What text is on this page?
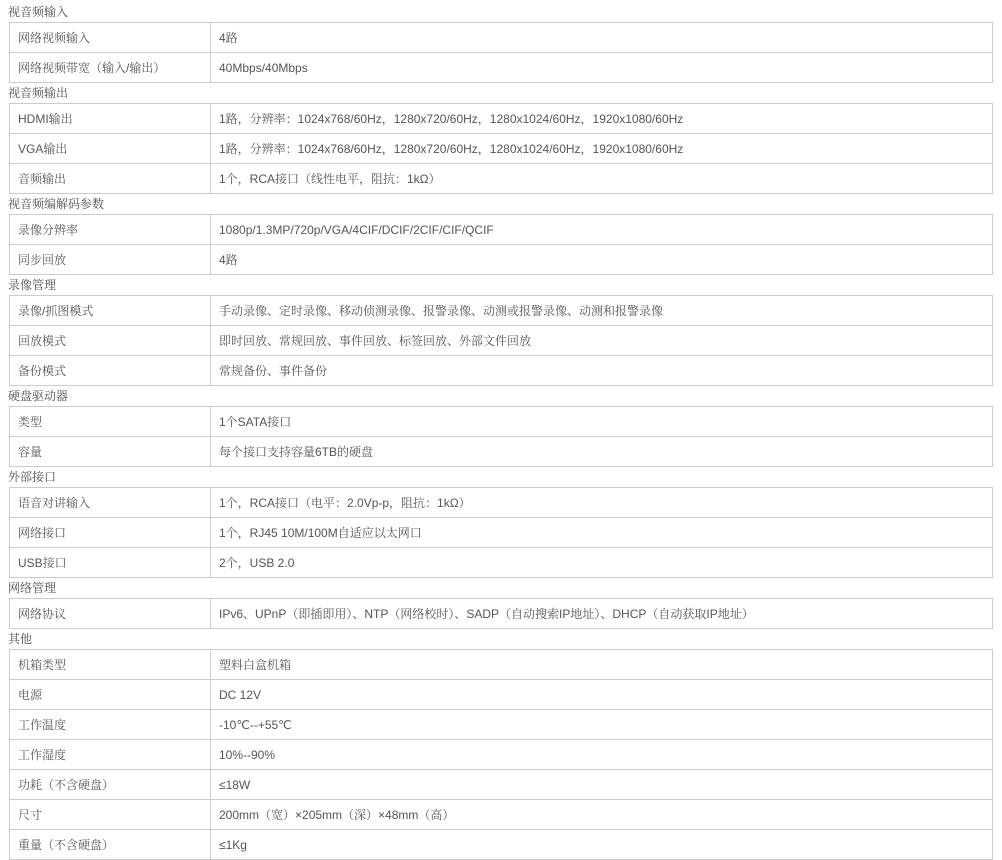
视音频输入
网络视频输入	4路
网络视频带宽（输入/输出）	40Mbps/40Mbps
视音频输出
HDMI输出	1路，分辨率：1024x768/60Hz，1280x720/60Hz，1280x1024/60Hz，1920x1080/60Hz
VGA输出	1路，分辨率：1024x768/60Hz，1280x720/60Hz，1280x1024/60Hz，1920x1080/60Hz
音频输出	1个，RCA接口（线性电平，阻抗：1kΩ）
视音频编解码参数
录像分辨率	1080p/1.3MP/720p/VGA/4CIF/DCIF/2CIF/CIF/QCIF
同步回放	4路
录像管理
录像/抓图模式	手动录像、定时录像、移动侦测录像、报警录像、动测或报警录像、动测和报警录像
回放模式	即时回放、常规回放、事件回放、标签回放、外部文件回放
备份模式	常规备份、事件备份
硬盘驱动器
类型	1个SATA接口
容量	每个接口支持容量6TB的硬盘
外部接口
语音对讲输入	1个，RCA接口（电平：2.0Vp-p，阻抗：1kΩ）
网络接口	1个，RJ45 10M/100M自适应以太网口
USB接口	2个，USB 2.0
网络管理
网络协议	IPv6、UPnP（即插即用）、NTP（网络校时）、SADP（自动搜索IP地址）、DHCP（自动获取IP地址）
其他
机箱类型	塑料白盒机箱
电源	DC 12V
工作温度	-10℃--+55℃
工作湿度	10%--90%
功耗（不含硬盘）	≤18W
尺寸	200mm（宽）×205mm（深）×48mm（高）
重量（不含硬盘）	≤1Kg
